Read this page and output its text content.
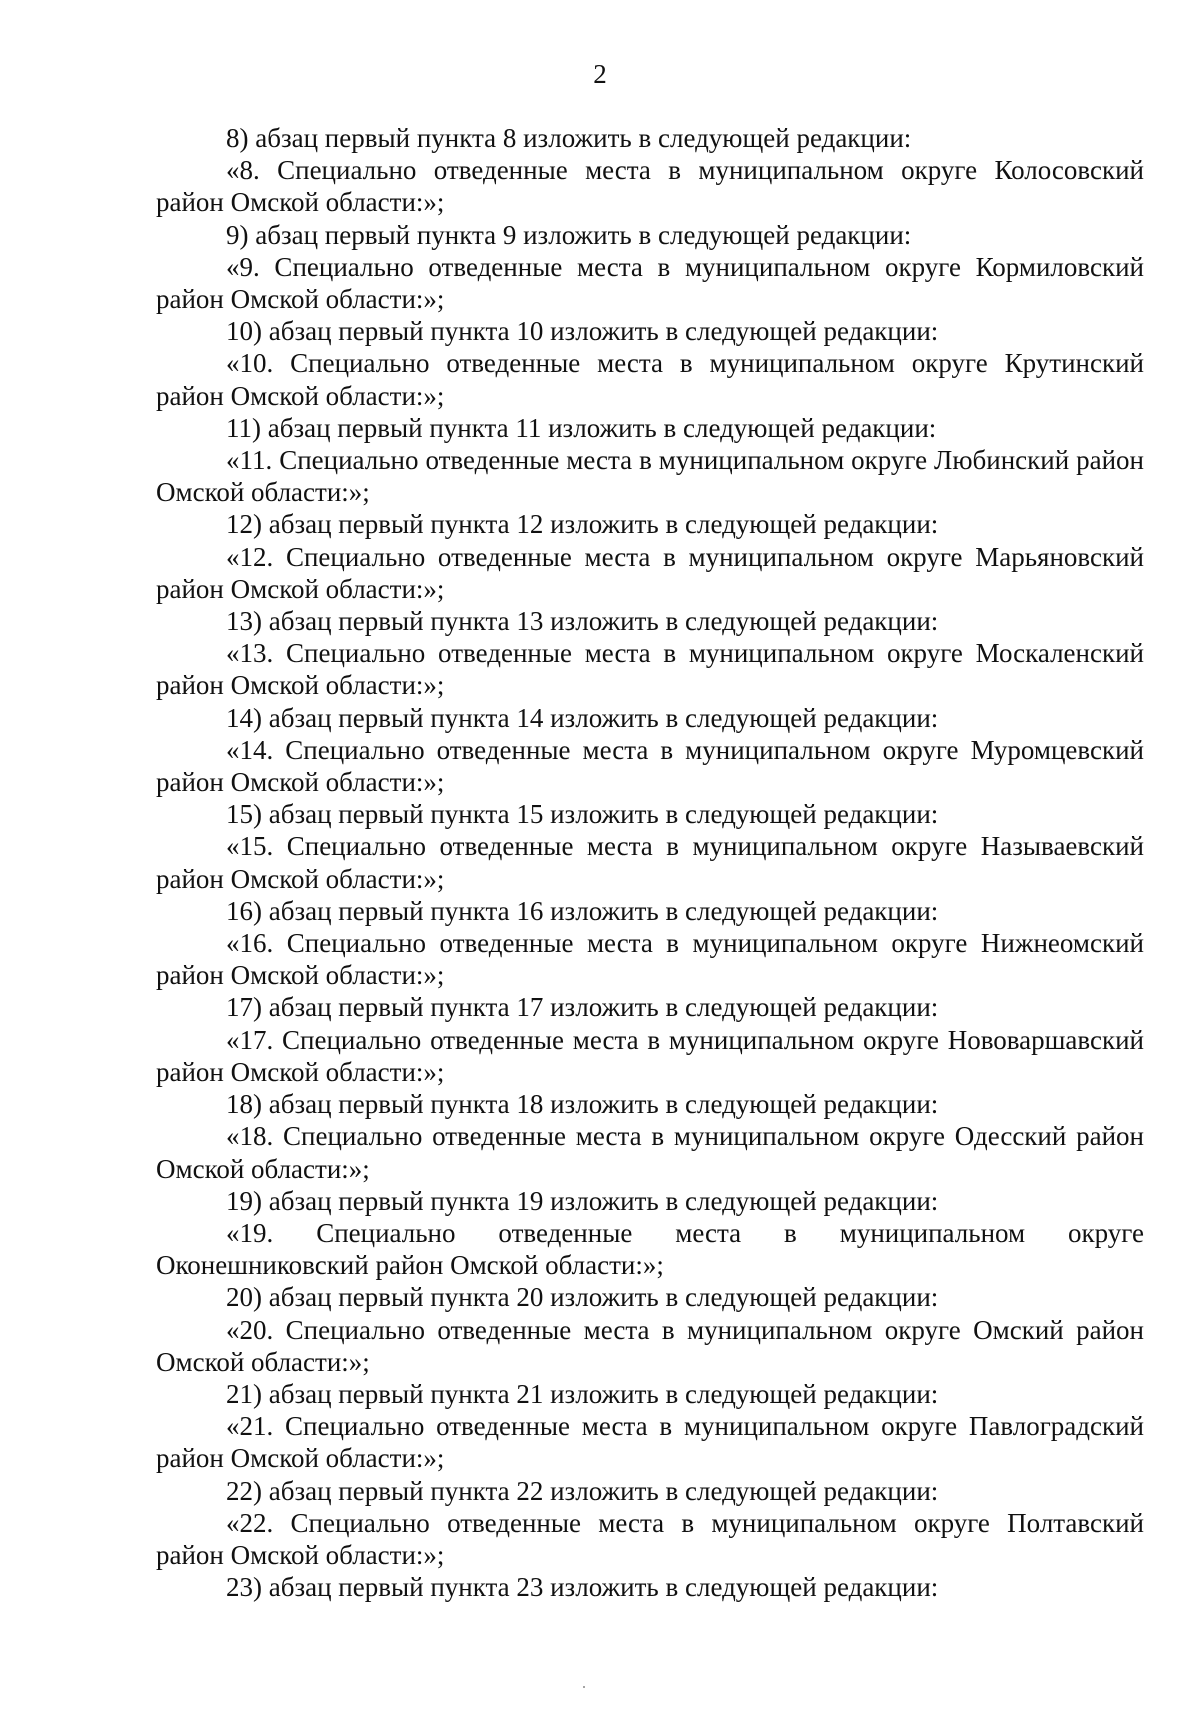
2

8) абзац первый пункта 8 изложить в следующей редакции:

«8. Специально отведенные места в муниципальном округе Колосовский район Омской области:»;

9) абзац первый пункта 9 изложить в следующей редакции:

«9. Специально отведенные места в муниципальном округе Кормиловский район Омской области:»;

10) абзац первый пункта 10 изложить в следующей редакции:

«10. Специально отведенные места в муниципальном округе Крутинский район Омской области:»;

11) абзац первый пункта 11 изложить в следующей редакции:

«11. Специально отведенные места в муниципальном округе Любинский район Омской области:»;

12) абзац первый пункта 12 изложить в следующей редакции:

«12. Специально отведенные места в муниципальном округе Марьяновский район Омской области:»;

13) абзац первый пункта 13 изложить в следующей редакции:

«13. Специально отведенные места в муниципальном округе Москаленский район Омской области:»;

14) абзац первый пункта 14 изложить в следующей редакции:

«14. Специально отведенные места в муниципальном округе Муромцевский район Омской области:»;

15) абзац первый пункта 15 изложить в следующей редакции:

«15. Специально отведенные места в муниципальном округе Называевский район Омской области:»;

16) абзац первый пункта 16 изложить в следующей редакции:

«16. Специально отведенные места в муниципальном округе Нижнеомский район Омской области:»;

17) абзац первый пункта 17 изложить в следующей редакции:

«17. Специально отведенные места в муниципальном округе Нововаршавский район Омской области:»;

18) абзац первый пункта 18 изложить в следующей редакции:

«18. Специально отведенные места в муниципальном округе Одесский район Омской области:»;

19) абзац первый пункта 19 изложить в следующей редакции:

«19. Специально отведенные места в муниципальном округе Оконешниковский район Омской области:»;

20) абзац первый пункта 20 изложить в следующей редакции:

«20. Специально отведенные места в муниципальном округе Омский район Омской области:»;

21) абзац первый пункта 21 изложить в следующей редакции:

«21. Специально отведенные места в муниципальном округе Павлоградский район Омской области:»;

22) абзац первый пункта 22 изложить в следующей редакции:

«22. Специально отведенные места в муниципальном округе Полтавский район Омской области:»;

23) абзац первый пункта 23 изложить в следующей редакции:
